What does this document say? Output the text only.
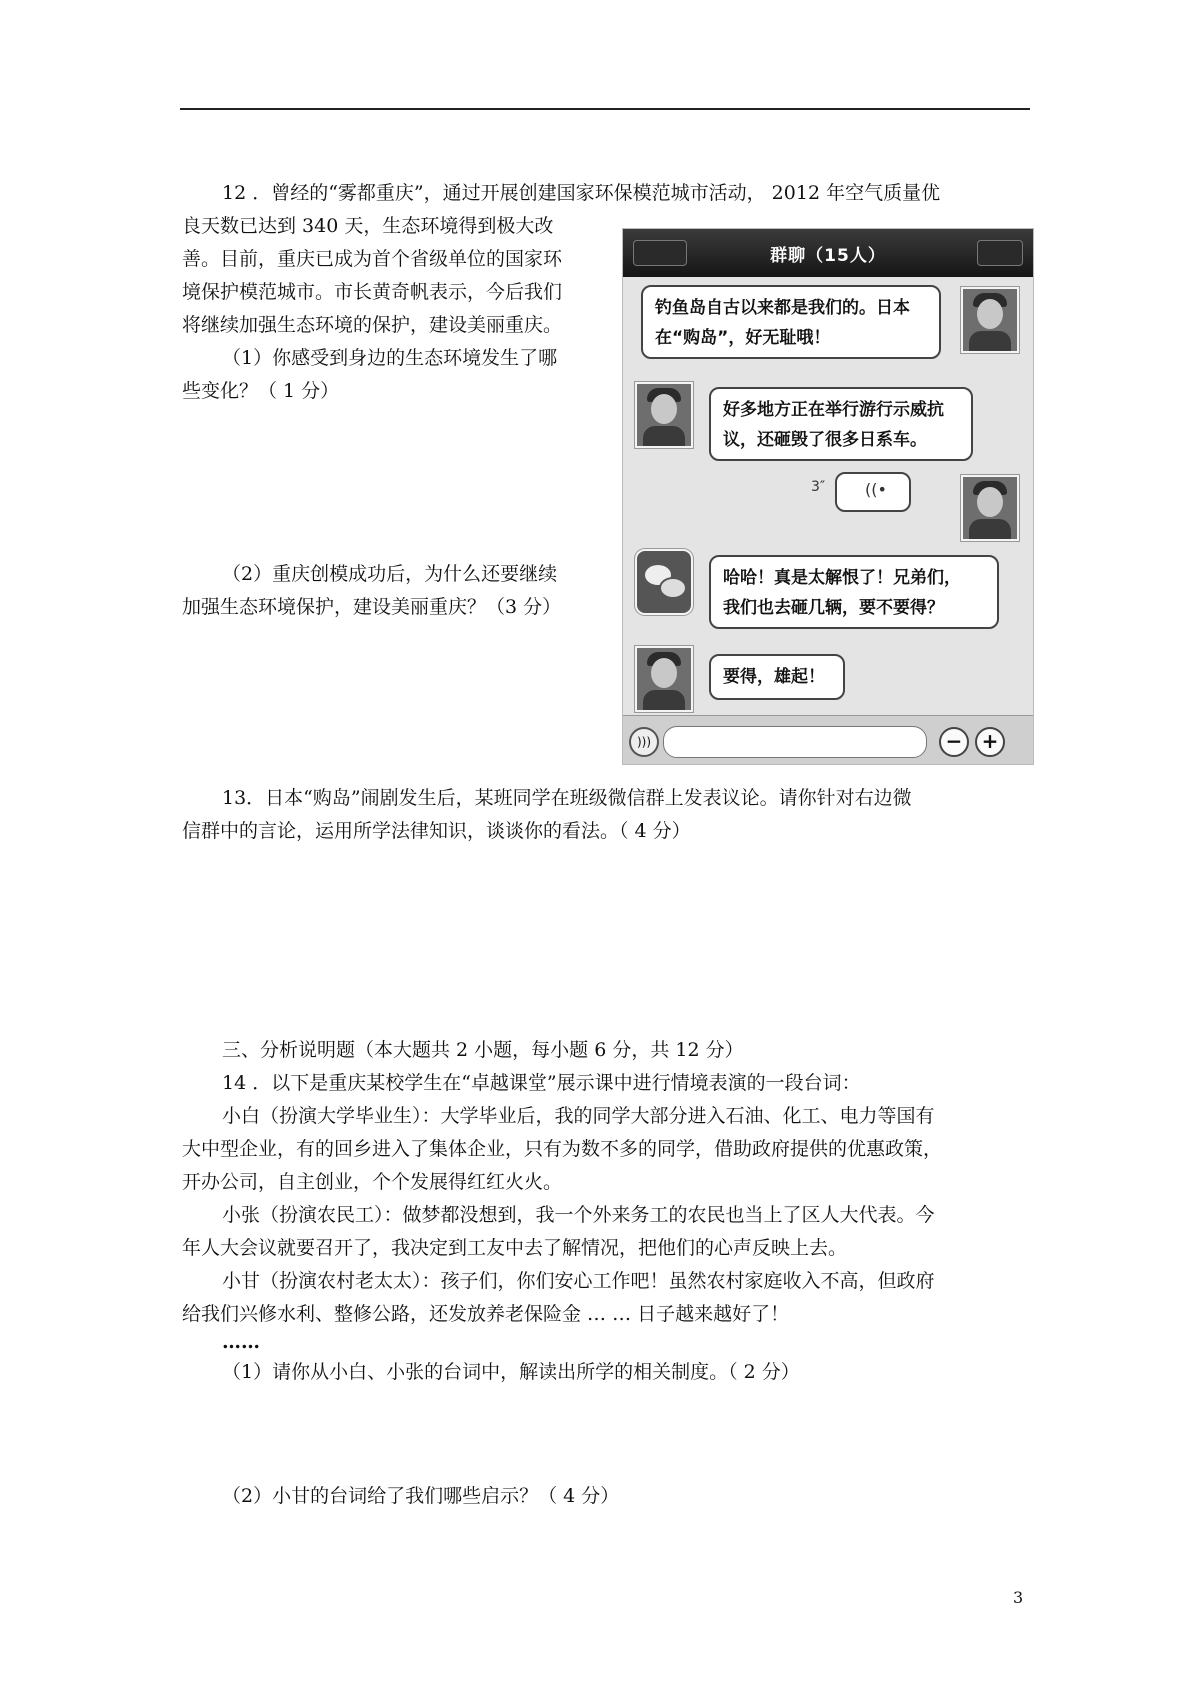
12 ．曾经的“雾都重庆”，通过开展创建国家环保模范城市活动， 2012 年空气质量优
良天数已达到 340 天，生态环境得到极大改
善。目前，重庆已成为首个省级单位的国家环
境保护模范城市。市长黄奇帆表示，今后我们
将继续加强生态环境的保护，建设美丽重庆。
（1）你感受到身边的生态环境发生了哪
些变化？（ 1 分）
（2）重庆创模成功后，为什么还要继续
加强生态环境保护，建设美丽重庆？（3 分）
群聊（15人）
钓鱼岛自古以来都是我们的。日本
在“购岛”，好无耻哦！
好多地方正在举行游行示威抗
议，还砸毁了很多日系车。
3″ ((•
哈哈！真是太解恨了！兄弟们，
我们也去砸几辆，要不要得？
要得，雄起！
)))	− +
13．日本“购岛”闹剧发生后，某班同学在班级微信群上发表议论。请你针对右边微
信群中的言论，运用所学法律知识，谈谈你的看法。（ 4 分）
三、分析说明题（本大题共 2 小题，每小题 6 分，共 12 分）
14 ．以下是重庆某校学生在“卓越课堂”展示课中进行情境表演的一段台词：
小白（扮演大学毕业生）：大学毕业后，我的同学大部分进入石油、化工、电力等国有
大中型企业，有的回乡进入了集体企业，只有为数不多的同学，借助政府提供的优惠政策，
开办公司，自主创业，个个发展得红红火火。
小张（扮演农民工）：做梦都没想到，我一个外来务工的农民也当上了区人大代表。今
年人大会议就要召开了，我决定到工友中去了解情况，把他们的心声反映上去。
小甘（扮演农村老太太）：孩子们，你们安心工作吧！虽然农村家庭收入不高，但政府
给我们兴修水利、整修公路，还发放养老保险金 … … 日子越来越好了！
……
（1）请你从小白、小张的台词中，解读出所学的相关制度。（ 2 分）
（2）小甘的台词给了我们哪些启示？（ 4 分）
3
